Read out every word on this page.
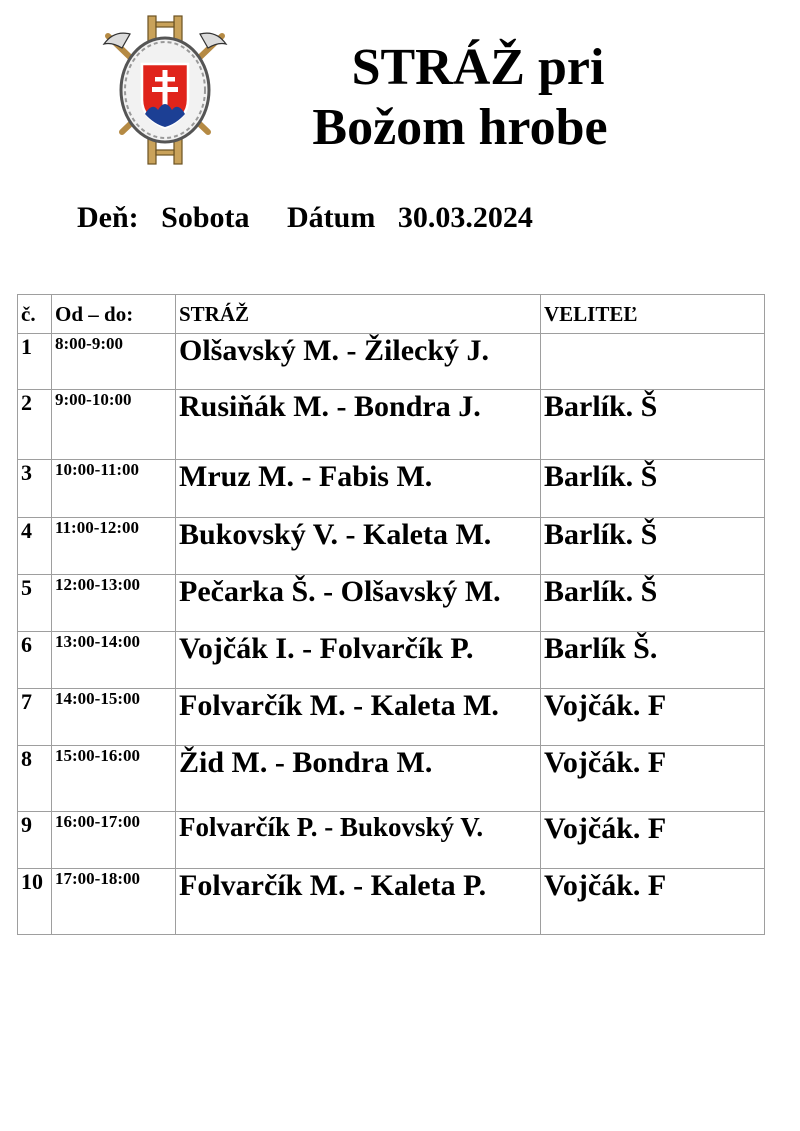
STRÁŽ pri
Božom hrobe
Deň: Sobota Dátum 30.03.2024
č.	Od – do:	STRÁŽ	VELITEĽ
1	8:00-9:00	Olšavský M. - Žilecký J.	
2	9:00-10:00	Rusiňák M. - Bondra J.	Barlík. Š
3	10:00-11:00	Mruz M. - Fabis M.	Barlík. Š
4	11:00-12:00	Bukovský V. - Kaleta M.	Barlík. Š
5	12:00-13:00	Pečarka Š. - Olšavský M.	Barlík. Š
6	13:00-14:00	Vojčák I. - Folvarčík P.	Barlík Š.
7	14:00-15:00	Folvarčík M. - Kaleta M.	Vojčák. F
8	15:00-16:00	Žid M. - Bondra M.	Vojčák. F
9	16:00-17:00	Folvarčík P. - Bukovský V.	Vojčák. F
10	17:00-18:00	Folvarčík M. - Kaleta P.	Vojčák. F
